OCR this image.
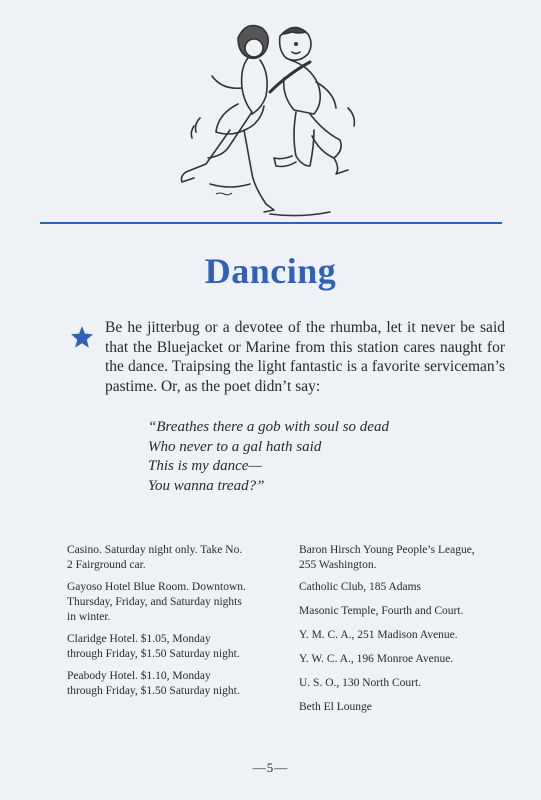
Dancing
Be he jitterbug or a devotee of the rhumba, let it never be said that the Bluejacket or Marine from this station cares naught for the dance. Traipsing the light fantastic is a favorite serviceman’s pastime. Or, as the poet didn’t say:
“Breathes there a gob with soul so dead
Who never to a gal hath said
This is my dance—
You wanna tread?”
Casino. Saturday night only. Take No. 2 Fairground car.
Gayoso Hotel Blue Room. Downtown. Thursday, Friday, and Saturday nights in winter.
Claridge Hotel. $1.05, Monday through Friday, $1.50 Saturday night.
Peabody Hotel. $1.10, Monday through Friday, $1.50 Saturday night.
Baron Hirsch Young People’s League, 255 Washington.
Catholic Club, 185 Adams
Masonic Temple, Fourth and Court.
Y. M. C. A., 251 Madison Avenue.
Y. W. C. A., 196 Monroe Avenue.
U. S. O., 130 North Court.
Beth El Lounge
—5—
